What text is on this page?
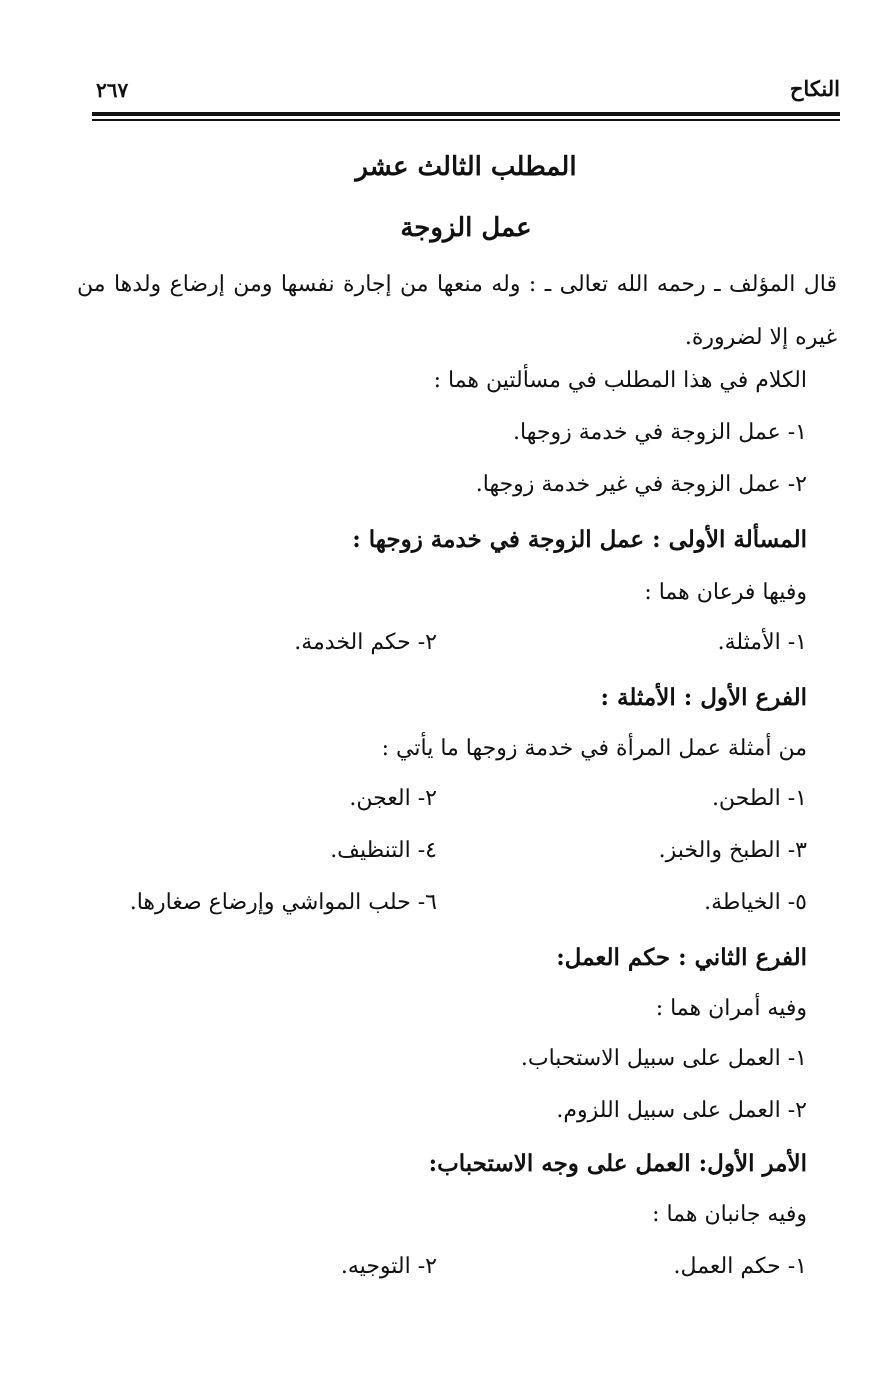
النكاح
٢٦٧
المطلب الثالث عشر
عمل الزوجة
قال المؤلف ـ رحمه الله تعالى ـ : وله منعها من إجارة نفسها ومن إرضاع ولدها من غيره إلا لضرورة.
الكلام في هذا المطلب في مسألتين هما :
١- عمل الزوجة في خدمة زوجها.
٢- عمل الزوجة في غير خدمة زوجها.
المسألة الأولى : عمل الزوجة في خدمة زوجها :
وفيها فرعان هما :
١- الأمثلة.
٢- حكم الخدمة.
الفرع الأول : الأمثلة :
من أمثلة عمل المرأة في خدمة زوجها ما يأتي :
١- الطحن.
٢- العجن.
٣- الطبخ والخبز.
٤- التنظيف.
٥- الخياطة.
٦- حلب المواشي وإرضاع صغارها.
الفرع الثاني : حكم العمل:
وفيه أمران هما :
١- العمل على سبيل الاستحباب.
٢- العمل على سبيل اللزوم.
الأمر الأول: العمل على وجه الاستحباب:
وفيه جانبان هما :
١- حكم العمل.
٢- التوجيه.
